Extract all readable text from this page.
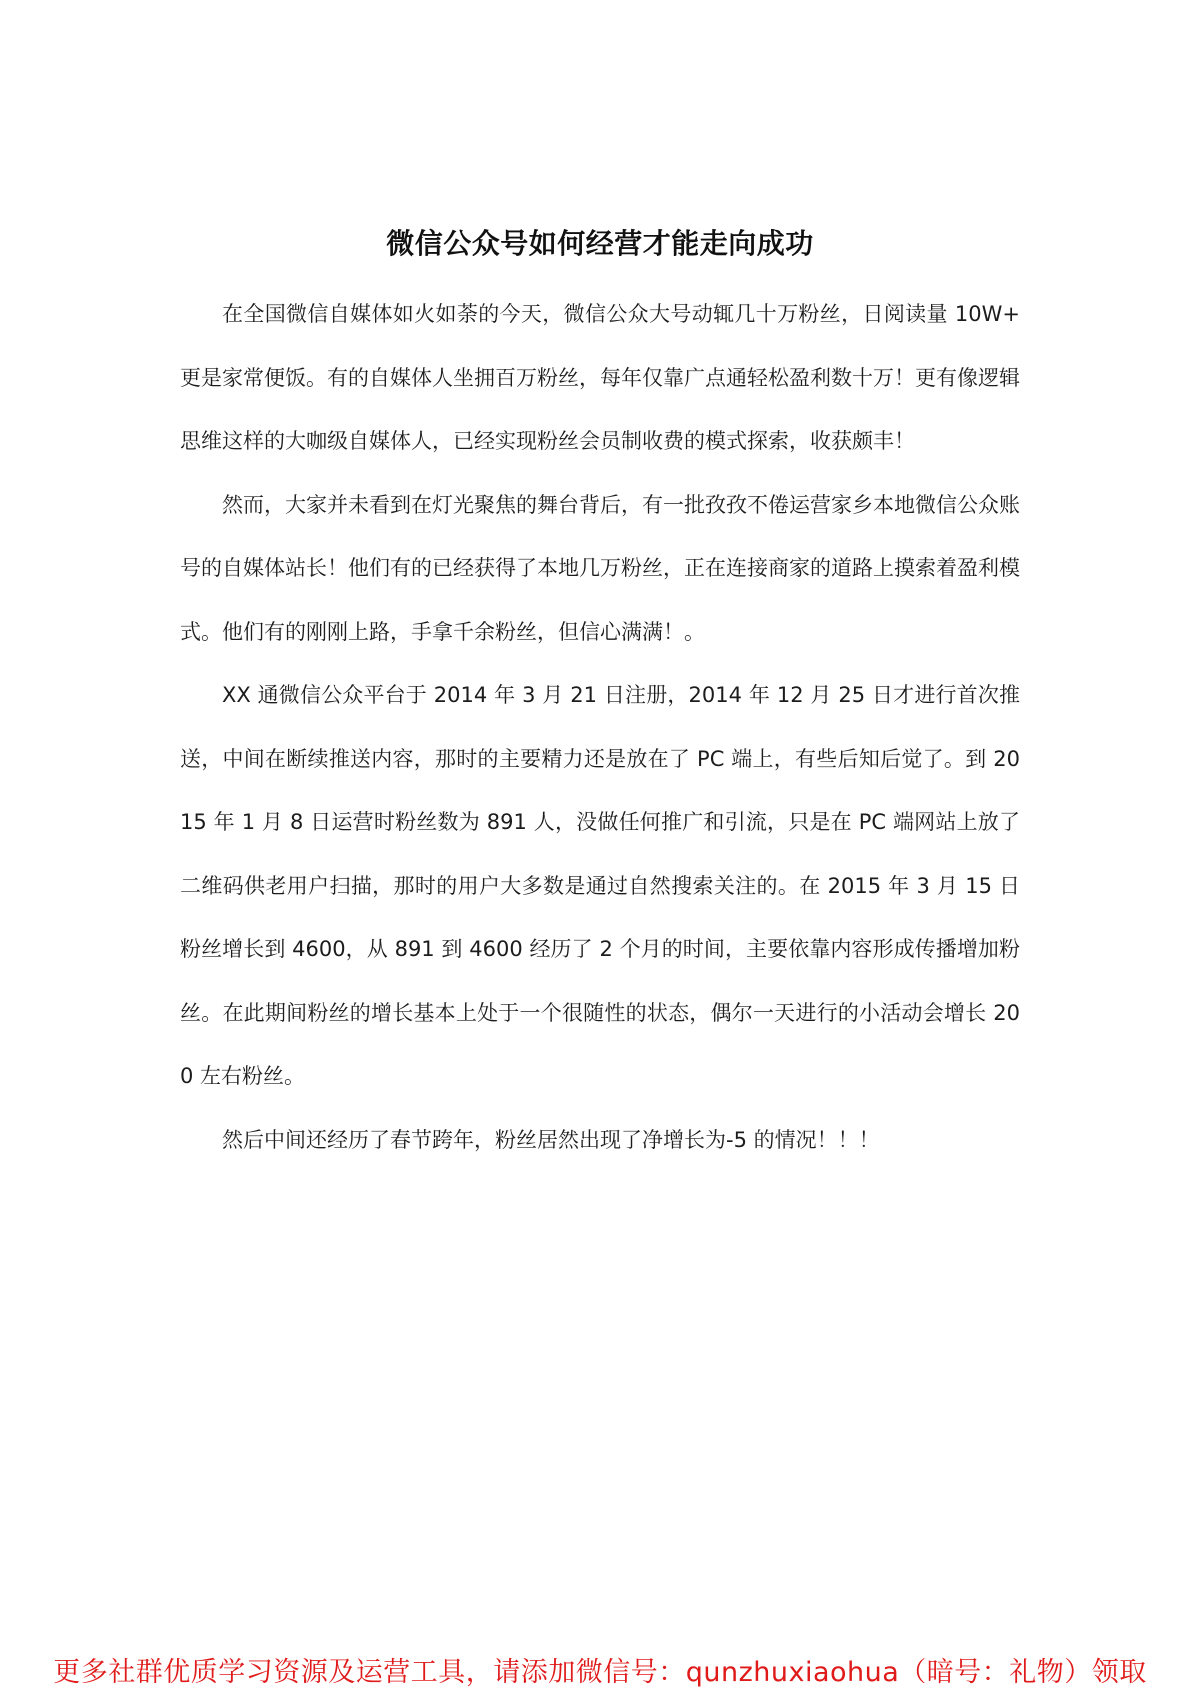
微信公众号如何经营才能走向成功

在全国微信自媒体如火如荼的今天，微信公众大号动辄几十万粉丝，日阅读量 10W+ 更是家常便饭。有的自媒体人坐拥百万粉丝，每年仅靠广点通轻松盈利数十万！更有像逻辑思维这样的大咖级自媒体人，已经实现粉丝会员制收费的模式探索，收获颇丰！

然而，大家并未看到在灯光聚焦的舞台背后，有一批孜孜不倦运营家乡本地微信公众账号的自媒体站长！他们有的已经获得了本地几万粉丝，正在连接商家的道路上摸索着盈利模式。他们有的刚刚上路，手拿千余粉丝，但信心满满！。

XX 通微信公众平台于 2014 年 3 月 21 日注册，2014 年 12 月 25 日才进行首次推送，中间在断续推送内容，那时的主要精力还是放在了 PC 端上，有些后知后觉了。到 2015 年 1 月 8 日运营时粉丝数为 891 人，没做任何推广和引流，只是在 PC 端网站上放了二维码供老用户扫描，那时的用户大多数是通过自然搜索关注的。在 2015 年 3 月 15 日粉丝增长到 4600，从 891 到 4600 经历了 2 个月的时间，主要依靠内容形成传播增加粉丝。在此期间粉丝的增长基本上处于一个很随性的状态，偶尔一天进行的小活动会增长 200 左右粉丝。

然后中间还经历了春节跨年，粉丝居然出现了净增长为-5 的情况！！！

更多社群优质学习资源及运营工具，请添加微信号：qunzhuxiaohua（暗号：礼物）领取
